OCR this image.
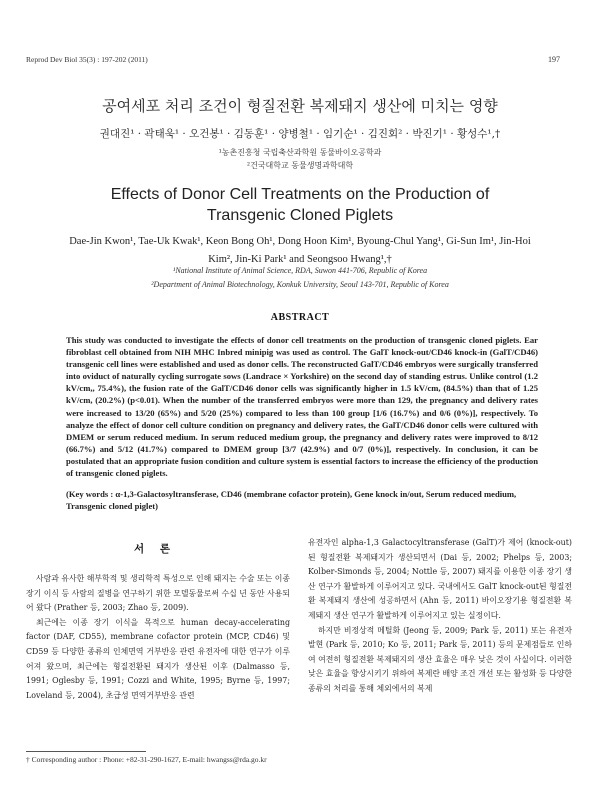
Reprod Dev Biol 35(3) : 197-202 (2011)	197
공여세포 처리 조건이 형질전환 복제돼지 생산에 미치는 영향
권대진¹ · 곽태욱¹ · 오건봉¹ · 김동훈¹ · 양병철¹ · 임기순¹ · 김진회² · 박진기¹ · 황성수¹,†
¹농촌진흥청 국립축산과학원 동물바이오공학과
²건국대학교 동물생명과학대학
Effects of Donor Cell Treatments on the Production of Transgenic Cloned Piglets
Dae-Jin Kwon¹, Tae-Uk Kwak¹, Keon Bong Oh¹, Dong Hoon Kim¹, Byoung-Chul Yang¹, Gi-Sun Im¹, Jin-Hoi Kim², Jin-Ki Park¹ and Seongsoo Hwang¹,†
¹National Institute of Animal Science, RDA, Suwon 441-706, Republic of Korea
²Department of Animal Biotechnology, Konkuk University, Seoul 143-701, Republic of Korea
ABSTRACT
This study was conducted to investigate the effects of donor cell treatments on the production of transgenic cloned piglets. Ear fibroblast cell obtained from NIH MHC Inbred minipig was used as control. The GalT knock-out/CD46 knock-in (GalT/CD46) transgenic cell lines were established and used as donor cells. The reconstructed GalT/CD46 embryos were surgically transferred into oviduct of naturally cycling surrogate sows (Landrace × Yorkshire) on the second day of standing estrus. Unlike control (1.2 kV/cm,, 75.4%), the fusion rate of the GalT/CD46 donor cells was significantly higher in 1.5 kV/cm, (84.5%) than that of 1.25 kV/cm, (20.2%) (p<0.01). When the number of the transferred embryos were more than 129, the pregnancy and delivery rates were increased to 13/20 (65%) and 5/20 (25%) compared to less than 100 group [1/6 (16.7%) and 0/6 (0%)], respectively. To analyze the effect of donor cell culture condition on pregnancy and delivery rates, the GalT/CD46 donor cells were cultured with DMEM or serum reduced medium. In serum reduced medium group, the pregnancy and delivery rates were improved to 8/12 (66.7%) and 5/12 (41.7%) compared to DMEM group [3/7 (42.9%) and 0/7 (0%)], respectively. In conclusion, it can be postulated that an appropriate fusion condition and culture system is essential factors to increase the efficiency of the production of transgenic cloned piglets.
(Key words : α-1,3-Galactosyltransferase, CD46 (membrane cofactor protein), Gene knock in/out, Serum reduced medium, Transgenic cloned piglet)
서 론

사람과 유사한 해부학적 및 생리학적 특성으로 인해 돼지는 수술 또는 이종장기 이식 등 사람의 질병을 연구하기 위한 모델동물로써 수십 년 동안 사용되어 왔다 (Prather 등, 2003; Zhao 등, 2009).

최근에는 이종 장기 이식을 목적으로 human decay-accelerating factor (DAF, CD55), membrane cofactor protein (MCP, CD46) 및 CD59 등 다양한 종류의 인체면역 거부반응 관련 유전자에 대한 연구가 이루어져 왔으며, 최근에는 형질전환된 돼지가 생산된 이후 (Dalmasso 등, 1991; Oglesby 등, 1991; Cozzi and White, 1995; Byrne 등, 1997; Loveland 등, 2004), 초급성 면역거부반응 관련

유전자인 alpha-1,3 Galactocyltransferase (GalT)가 제어 (knock-out)된 형질전환 복제돼지가 생산되면서 (Dai 등, 2002; Phelps 등, 2003; Kolber-Simonds 등, 2004; Nottle 등, 2007) 돼지를 이용한 이종 장기 생산 연구가 활발하게 이루어지고 있다. 국내에서도 GalT knock-out된 형질전환 복제돼지 생산에 성공하면서 (Ahn 등, 2011) 바이오장기용 형질전환 복제돼지 생산 연구가 활발하게 이루어지고 있는 실정이다.

하지만 비정상적 메틸화 (Jeong 등, 2009; Park 등, 2011) 또는 유전자 발현 (Park 등, 2010; Ko 등, 2011; Park 등, 2011) 등의 문제점들로 인하여 여전히 형질전환 복제돼지의 생산 효율은 매우 낮은 것이 사실이다. 이러한 낮은 효율을 향상시키기 위하여 복제란 배양 조건 개선 또는 활성화 등 다양한 종류의 처리를 통해 체외에서의 복제

† Corresponding author : Phone: +82-31-290-1627, E-mail: hwangss@rda.go.kr
